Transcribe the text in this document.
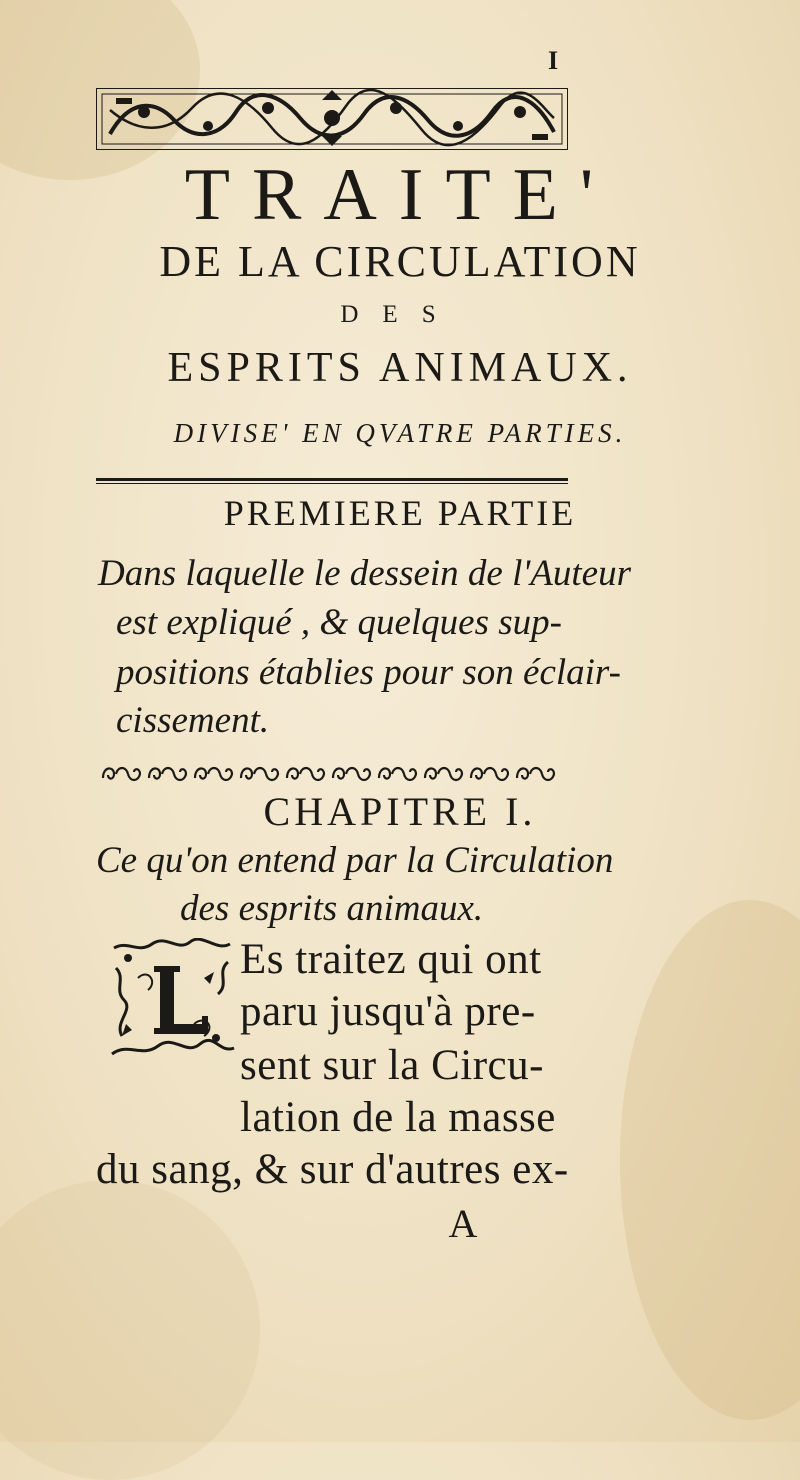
I
TRAITE'
DE LA CIRCULATION
DES
ESPRITS ANIMAUX.
DIVISE' EN QVATRE PARTIES.
PREMIERE PARTIE
Dans laquelle le dessein de l'Auteur
est expliqué , & quelques sup-
positions établies pour son éclair-
cissement.
CHAPITRE I.
Ce qu'on entend par la Circulation
des esprits animaux.
Es traitez qui ont
paru jusqu'à pre-
sent sur la Circu-
lation de la masse
du sang, & sur d'autres ex-
A
